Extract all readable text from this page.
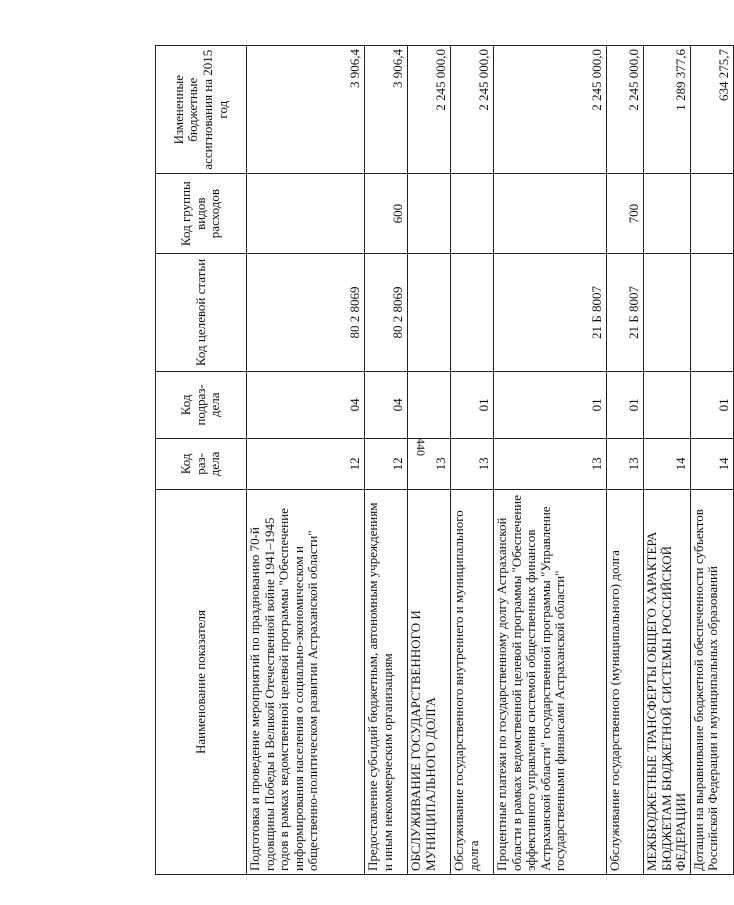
440
Наименование показателя	Код раз-дела	Код подраз-дела	Код целевой статьи	Код группы видов расходов	Измененные бюджетные ассигнования на 2015 год
Подготовка и проведение мероприятий по празднованию 70-й годовщины Победы в Великой Отечественной войне 1941–1945 годов в рамках ведомственной целевой программы "Обеспечение информирования населения о социально-экономическом и общественно-политическом развитии Астраханской области"	12	04	80 2 8069		3 906,4
Предоставление субсидий бюджетным, автономным учреждениям и иным некоммерческим организациям	12	04	80 2 8069	600	3 906,4
ОБСЛУЖИВАНИЕ ГОСУДАРСТВЕННОГО И МУНИЦИПАЛЬНОГО ДОЛГА	13				2 245 000,0
Обслуживание государственного внутреннего и муниципального долга	13	01			2 245 000,0
Процентные платежи по государственному долгу Астраханской области в рамках ведомственной целевой программы "Обеспечение эффективного управления системой общественных финансов Астраханской области" государственной программы "Управление государственными финансами Астраханской области"	13	01	21 Б 8007		2 245 000,0
Обслуживание государственного (муниципального) долга	13	01	21 Б 8007	700	2 245 000,0
МЕЖБЮДЖЕТНЫЕ ТРАНСФЕРТЫ ОБЩЕГО ХАРАКТЕРА БЮДЖЕТАМ БЮДЖЕТНОЙ СИСТЕМЫ РОССИЙСКОЙ ФЕДЕРАЦИИ	14				1 289 377,6
Дотации на выравнивание бюджетной обеспеченности субъектов Российской Федерации и муниципальных образований	14	01			634 275,7
